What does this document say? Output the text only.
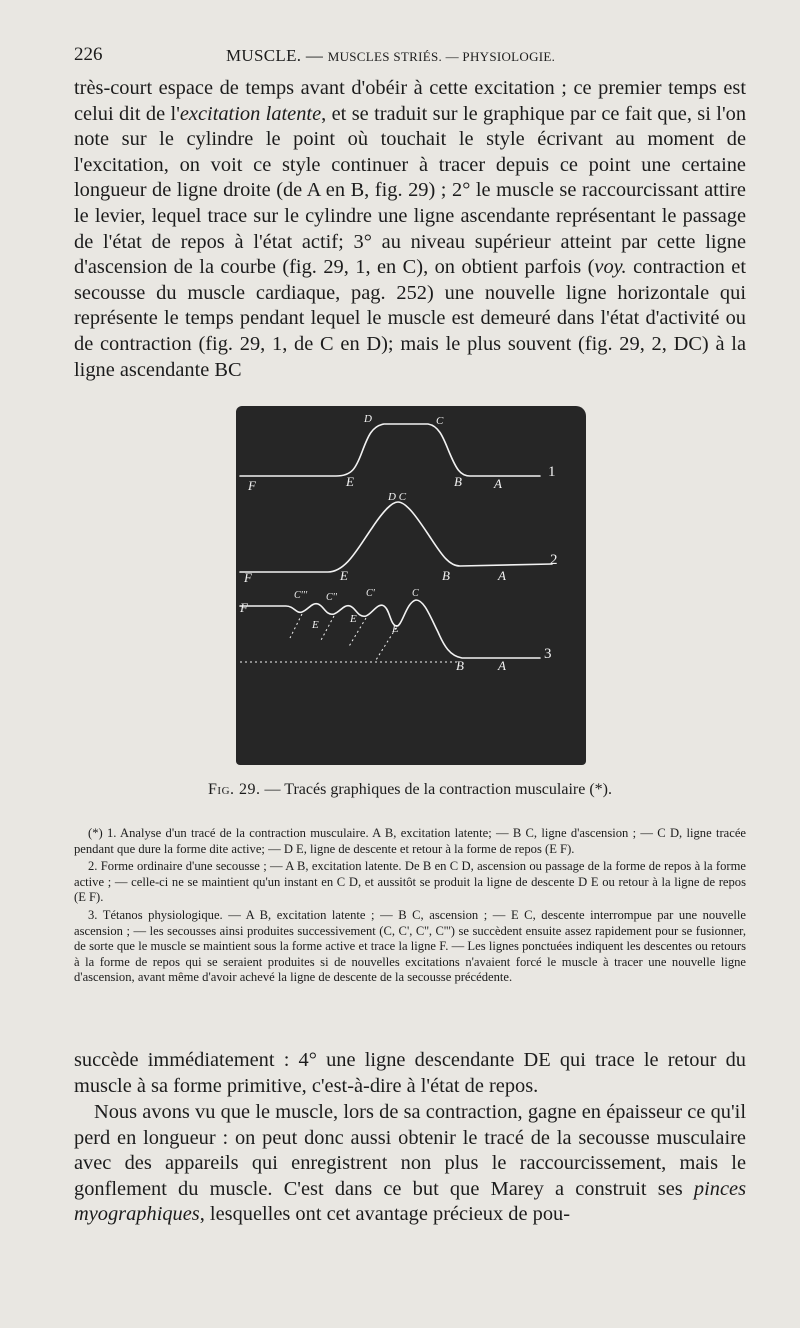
226	MUSCLE. — MUSCLES STRIÉS. — PHYSIOLOGIE.

très-court espace de temps avant d'obéir à cette excitation ; ce premier temps est celui dit de l'excitation latente, et se traduit sur le graphique par ce fait que, si l'on note sur le cylindre le point où touchait le style écrivant au moment de l'excitation, on voit ce style continuer à tracer depuis ce point une certaine longueur de ligne droite (de A en B, fig. 29) ; 2° le muscle se raccourcissant attire le levier, lequel trace sur le cylindre une ligne ascendante représentant le passage de l'état de repos à l'état actif; 3° au niveau supérieur atteint par cette ligne d'ascension de la courbe (fig. 29, 1, en C), on obtient parfois (voy. contraction et secousse du muscle cardiaque, pag. 252) une nouvelle ligne horizontale qui représente le temps pendant lequel le muscle est demeuré dans l'état d'activité ou de contraction (fig. 29, 1, de C en D); mais le plus souvent (fig. 29, 2, DC) à la ligne ascendante BC

F	E
D	C
B A
1
F	E
D C
B	A
2
F
C''' C''	C'	C
E	E
E
B	A
3
Fig. 29. — Tracés graphiques de la contraction musculaire (*).

(*) 1. Analyse d'un tracé de la contraction musculaire. A B, excitation latente; — B C, ligne d'ascension ; — C D, ligne tracée pendant que dure la forme dite active; — D E, ligne de descente et retour à la forme de repos (E F).

2. Forme ordinaire d'une secousse ; — A B, excitation latente. De B en C D, ascension ou passage de la forme de repos à la forme active ; — celle-ci ne se maintient qu'un instant en C D, et aussitôt se produit la ligne de descente D E ou retour à la ligne de repos (E F).

3. Tétanos physiologique. — A B, excitation latente ; — B C, ascension ; — E C, descente interrompue par une nouvelle ascension ; — les secousses ainsi produites successivement (C, C', C'', C''') se succèdent ensuite assez rapidement pour se fusionner, de sorte que le muscle se maintient sous la forme active et trace la ligne F. — Les lignes ponctuées indiquent les descentes ou retours à la forme de repos qui se seraient produites si de nouvelles excitations n'avaient forcé le muscle à tracer une nouvelle ligne d'ascension, avant même d'avoir achevé la ligne de descente de la secousse précédente.

succède immédiatement : 4° une ligne descendante DE qui trace le retour du muscle à sa forme primitive, c'est-à-dire à l'état de repos.

Nous avons vu que le muscle, lors de sa contraction, gagne en épaisseur ce qu'il perd en longueur : on peut donc aussi obtenir le tracé de la secousse musculaire avec des appareils qui enregistrent non plus le raccourcissement, mais le gonflement du muscle. C'est dans ce but que Marey a construit ses pinces myographiques, lesquelles ont cet avantage précieux de pou-
